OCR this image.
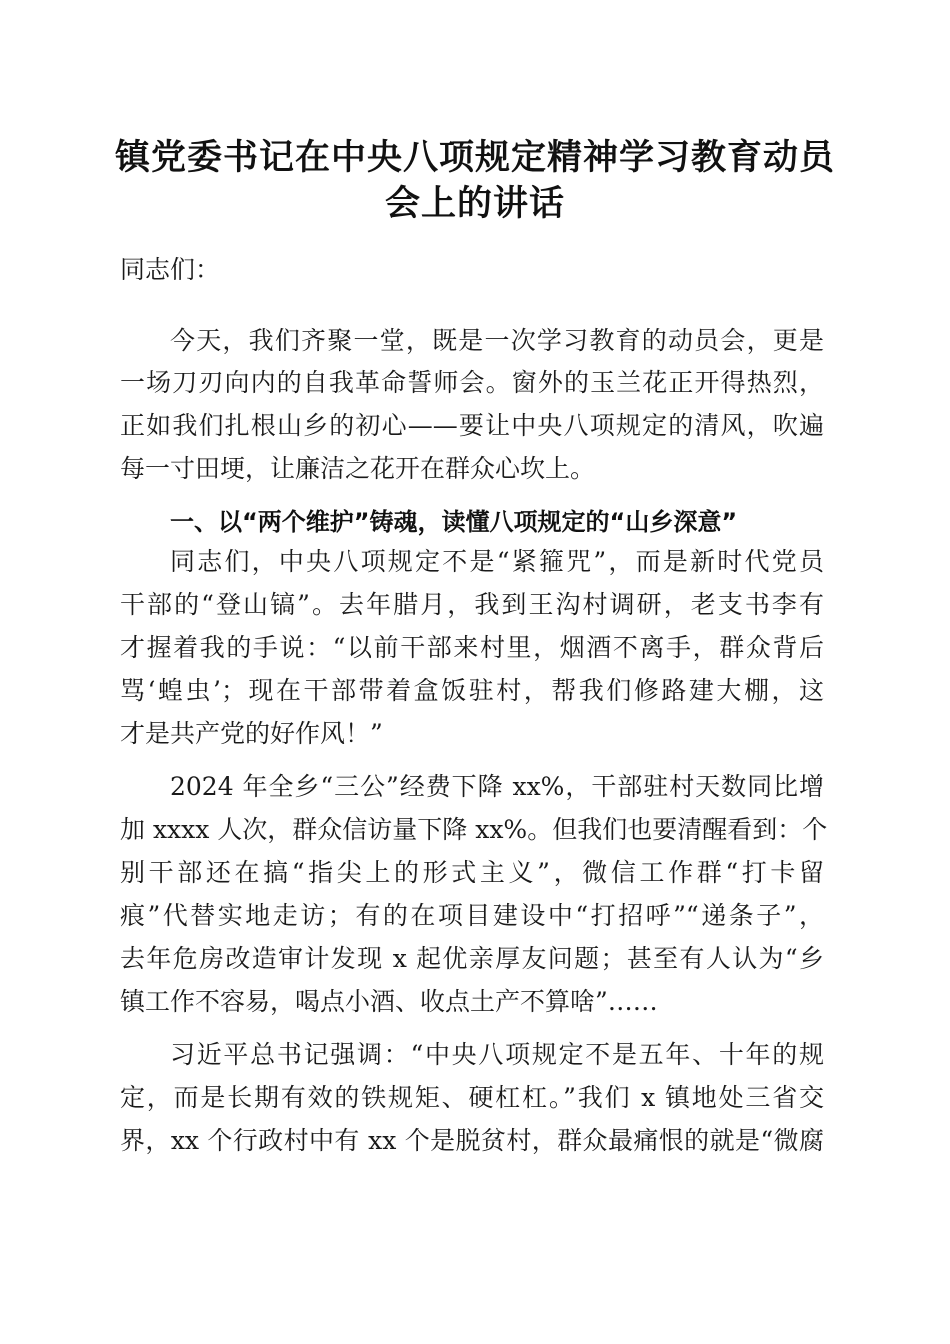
镇党委书记在中央八项规定精神学习教育动员
会上的讲话
同志们：
今天，我们齐聚一堂，既是一次学习教育的动员会，更是
一场刀刃向内的自我革命誓师会。窗外的玉兰花正开得热烈，
正如我们扎根山乡的初心——要让中央八项规定的清风，吹遍
每一寸田埂，让廉洁之花开在群众心坎上。
一、以“两个维护”铸魂，读懂八项规定的“山乡深意”
同志们，中央八项规定不是“紧箍咒”，而是新时代党员
干部的“登山镐”。去年腊月，我到王沟村调研，老支书李有
才握着我的手说：“以前干部来村里，烟酒不离手，群众背后
骂‘蝗虫’；现在干部带着盒饭驻村，帮我们修路建大棚，这
才是共产党的好作风！”
2024 年全乡“三公”经费下降 xx%，干部驻村天数同比增
加 xxxx 人次，群众信访量下降 xx%。但我们也要清醒看到：个
别干部还在搞“指尖上的形式主义”，微信工作群“打卡留
痕”代替实地走访；有的在项目建设中“打招呼”“递条子”，
去年危房改造审计发现 x 起优亲厚友问题；甚至有人认为“乡
镇工作不容易，喝点小酒、收点土产不算啥”……
习近平总书记强调：“中央八项规定不是五年、十年的规
定，而是长期有效的铁规矩、硬杠杠。”我们 x 镇地处三省交
界，xx 个行政村中有 xx 个是脱贫村，群众最痛恨的就是“微腐
